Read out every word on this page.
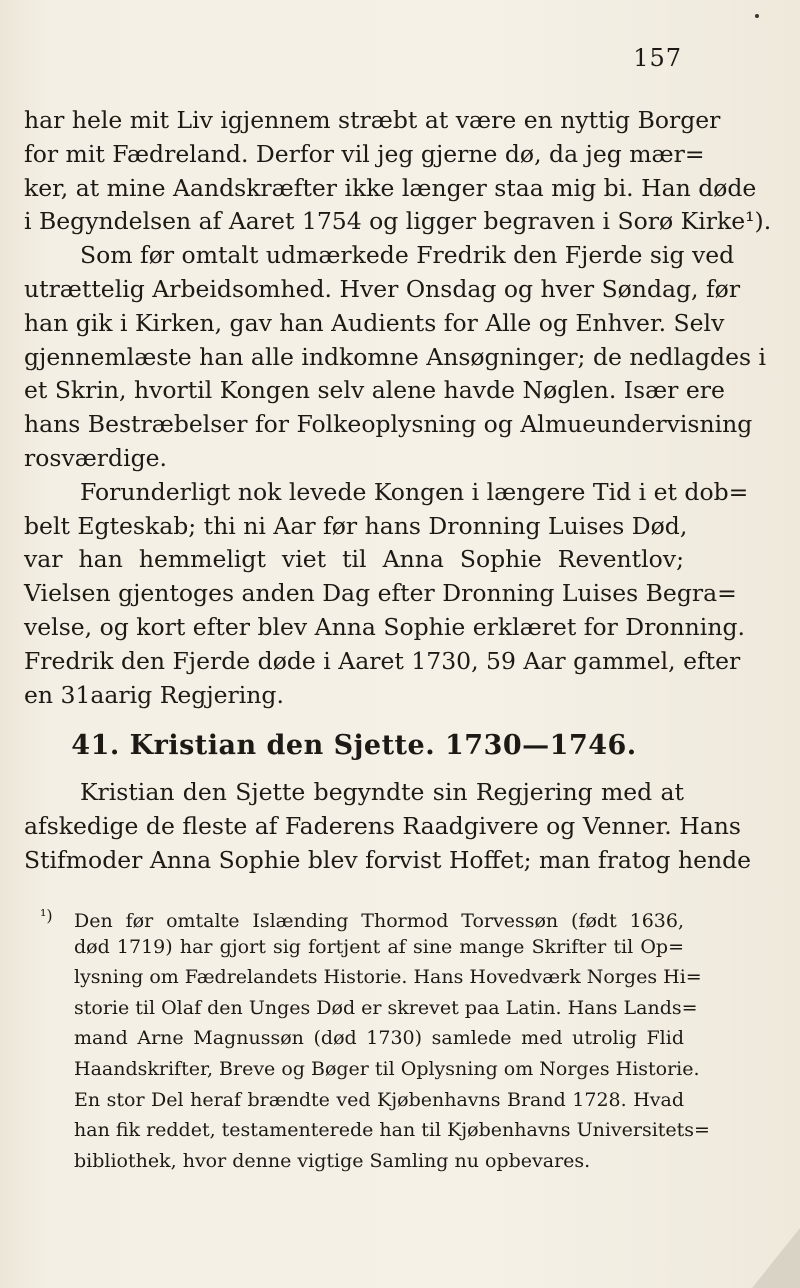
157
har hele mit Liv igjennem stræbt at være en nyttig Borger
for mit Fædreland. Derfor vil jeg gjerne dø, da jeg mær=
ker, at mine Aandskræfter ikke længer staa mig bi. Han døde
i Begyndelsen af Aaret 1754 og ligger begraven i Sorø Kirke¹).
Som før omtalt udmærkede Fredrik den Fjerde sig ved
utrættelig Arbeidsomhed. Hver Onsdag og hver Søndag, før
han gik i Kirken, gav han Audients for Alle og Enhver. Selv
gjennemlæste han alle indkomne Ansøgninger; de nedlagdes i
et Skrin, hvortil Kongen selv alene havde Nøglen. Især ere
hans Bestræbelser for Folkeoplysning og Almueundervisning
rosværdige.
Forunderligt nok levede Kongen i længere Tid i et dob=
belt Egteskab; thi ni Aar før hans Dronning Luises Død,
var han hemmeligt viet til Anna Sophie Reventlov;
Vielsen gjentoges anden Dag efter Dronning Luises Begra=
velse, og kort efter blev Anna Sophie erklæret for Dronning.
Fredrik den Fjerde døde i Aaret 1730, 59 Aar gammel, efter
en 31aarig Regjering.
41. Kristian den Sjette. 1730—1746.
Kristian den Sjette begyndte sin Regjering med at
afskedige de fleste af Faderens Raadgivere og Venner. Hans
Stifmoder Anna Sophie blev forvist Hoffet; man fratog hende
¹) Den før omtalte Islænding Thormod Torvessøn (født 1636,
død 1719) har gjort sig fortjent af sine mange Skrifter til Op=
lysning om Fædrelandets Historie. Hans Hovedværk Norges Hi=
storie til Olaf den Unges Død er skrevet paa Latin. Hans Lands=
mand Arne Magnussøn (død 1730) samlede med utrolig Flid
Haandskrifter, Breve og Bøger til Oplysning om Norges Historie.
En stor Del heraf brændte ved Kjøbenhavns Brand 1728. Hvad
han fik reddet, testamenterede han til Kjøbenhavns Universitets=
bibliothek, hvor denne vigtige Samling nu opbevares.
